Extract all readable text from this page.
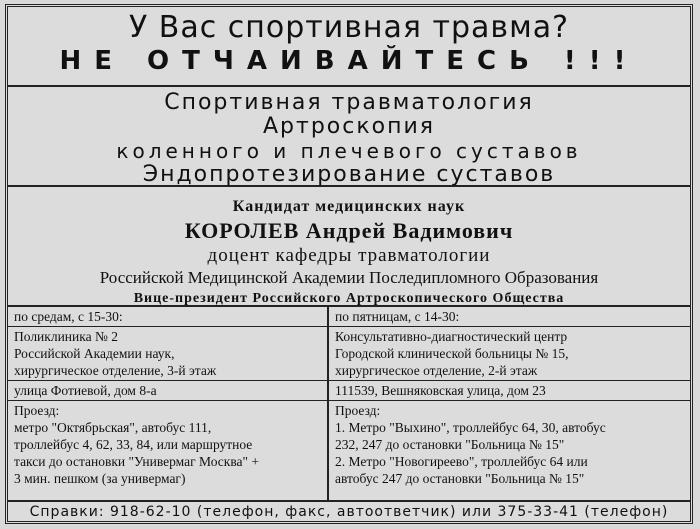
У Вас спортивная травма?
НЕ ОТЧАИВАЙТЕСЬ !!!
Спортивная травматология
Артроскопия
коленного и плечевого суставов
Эндопротезирование суставов
Кандидат медицинских наук
КОРОЛЕВ Андрей Вадимович
доцент кафедры травматологии
Российской Медицинской Академии Последипломного Образования
Вице-президент Российского Артроскопического Общества
по средам, с 15-30:
Поликлиника № 2
Российской Академии наук,
хирургическое отделение, 3-й этаж
улица Фотиевой, дом 8-а
Проезд:
метро "Октябрьская", автобус 111,
троллейбус 4, 62, 33, 84, или маршрутное
такси до остановки "Универмаг Москва" +
3 мин. пешком (за универмаг)
по пятницам, с 14-30:
Консультативно-диагностический центр
Городской клинической больницы № 15,
хирургическое отделение, 2-й этаж
111539, Вешняковская улица, дом 23
Проезд:
1. Метро "Выхино", троллейбус 64, 30, автобус
232, 247 до остановки "Больница № 15"
2. Метро "Новогиреево", троллейбус 64 или
автобус 247 до остановки "Больница № 15"
Справки: 918-62-10 (телефон, факс, автоответчик) или 375-33-41 (телефон)
